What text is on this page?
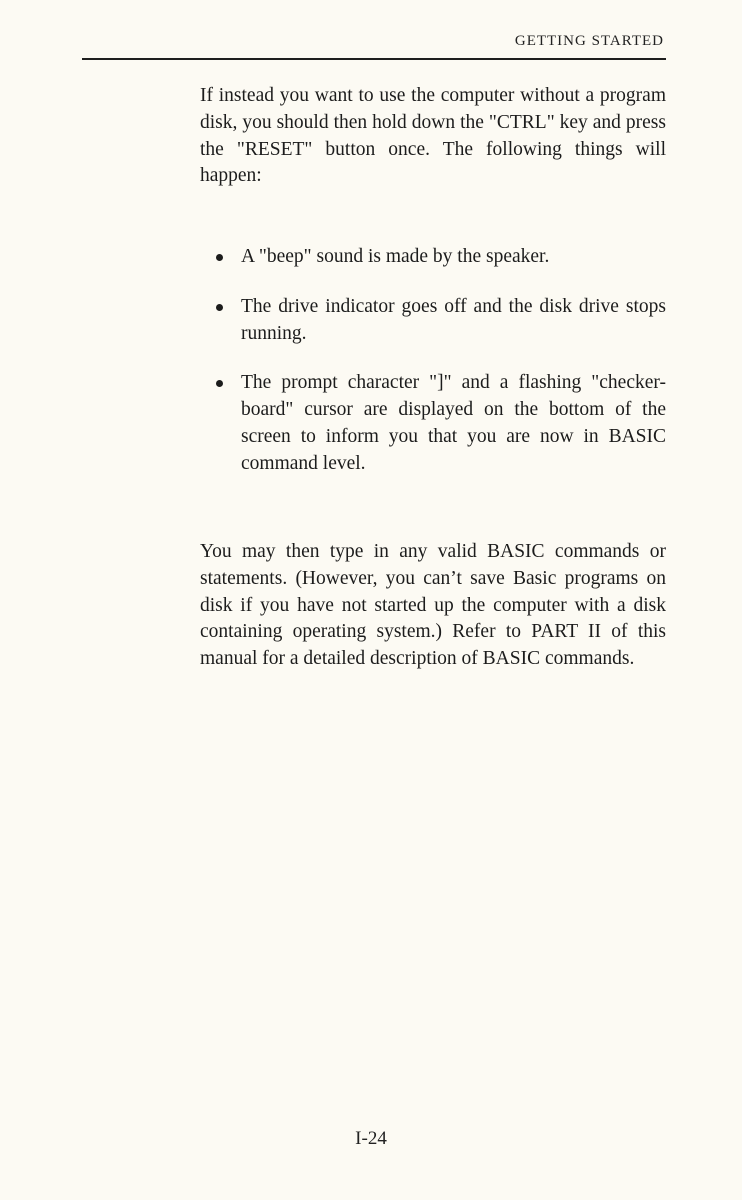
GETTING STARTED

If instead you want to use the computer without a program disk, you should then hold down the "CTRL" key and press the "RESET" button once. The following things will happen:

A "beep" sound is made by the speaker.
The drive indicator goes off and the disk drive stops running.
The prompt character "]" and a flashing "checker-board" cursor are displayed on the bottom of the screen to inform you that you are now in BASIC command level.

You may then type in any valid BASIC commands or statements. (However, you can’t save Basic programs on disk if you have not started up the computer with a disk containing operating system.) Refer to PART II of this manual for a detailed description of BASIC commands.

I-24
